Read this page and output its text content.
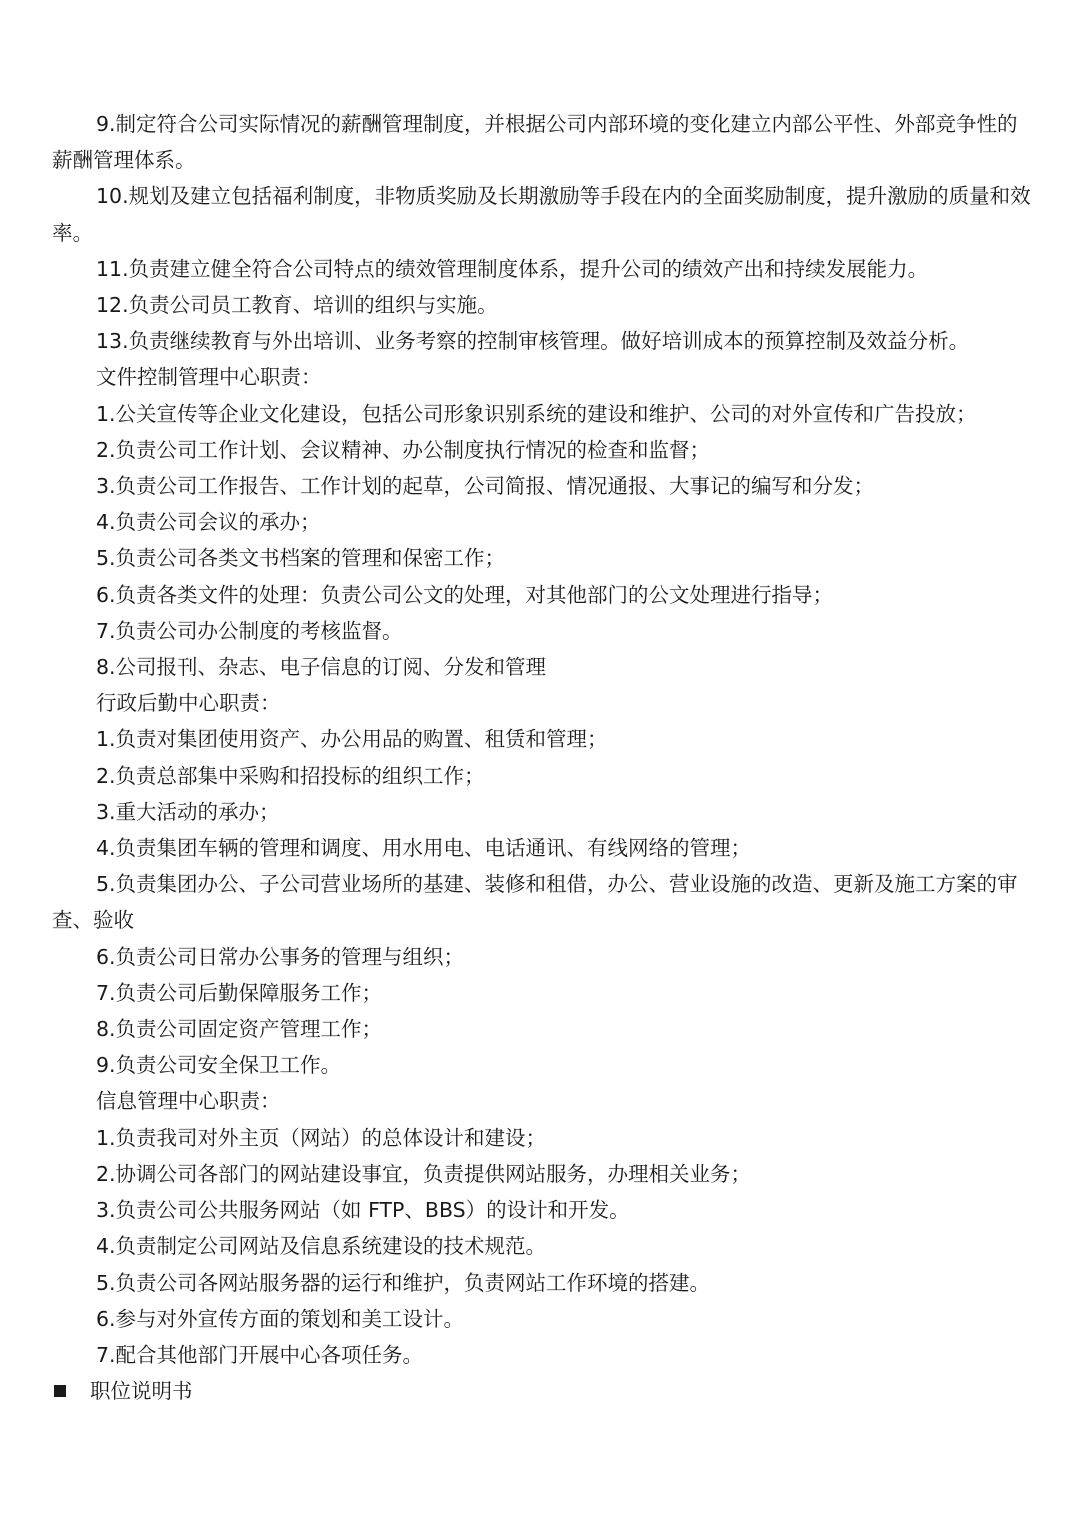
9.制定符合公司实际情况的薪酬管理制度，并根据公司内部环境的变化建立内部公平性、外部竞争性的薪酬管理体系。

10.规划及建立包括福利制度，非物质奖励及长期激励等手段在内的全面奖励制度，提升激励的质量和效率。

11.负责建立健全符合公司特点的绩效管理制度体系，提升公司的绩效产出和持续发展能力。

12.负责公司员工教育、培训的组织与实施。

13.负责继续教育与外出培训、业务考察的控制审核管理。做好培训成本的预算控制及效益分析。

文件控制管理中心职责：

1.公关宣传等企业文化建设，包括公司形象识别系统的建设和维护、公司的对外宣传和广告投放；

2.负责公司工作计划、会议精神、办公制度执行情况的检查和监督；

3.负责公司工作报告、工作计划的起草，公司简报、情况通报、大事记的编写和分发；

4.负责公司会议的承办；

5.负责公司各类文书档案的管理和保密工作；

6.负责各类文件的处理：负责公司公文的处理，对其他部门的公文处理进行指导；

7.负责公司办公制度的考核监督。

8.公司报刊、杂志、电子信息的订阅、分发和管理

行政后勤中心职责：

1.负责对集团使用资产、办公用品的购置、租赁和管理；

2.负责总部集中采购和招投标的组织工作；

3.重大活动的承办；

4.负责集团车辆的管理和调度、用水用电、电话通讯、有线网络的管理；

5.负责集团办公、子公司营业场所的基建、装修和租借，办公、营业设施的改造、更新及施工方案的审查、验收

6.负责公司日常办公事务的管理与组织；

7.负责公司后勤保障服务工作；

8.负责公司固定资产管理工作；

9.负责公司安全保卫工作。

信息管理中心职责：

1.负责我司对外主页（网站）的总体设计和建设；

2.协调公司各部门的网站建设事宜，负责提供网站服务，办理相关业务；

3.负责公司公共服务网站（如 FTP、BBS）的设计和开发。

4.负责制定公司网站及信息系统建设的技术规范。

5.负责公司各网站服务器的运行和维护，负责网站工作环境的搭建。

6.参与对外宣传方面的策划和美工设计。

7.配合其他部门开展中心各项任务。

职位说明书
